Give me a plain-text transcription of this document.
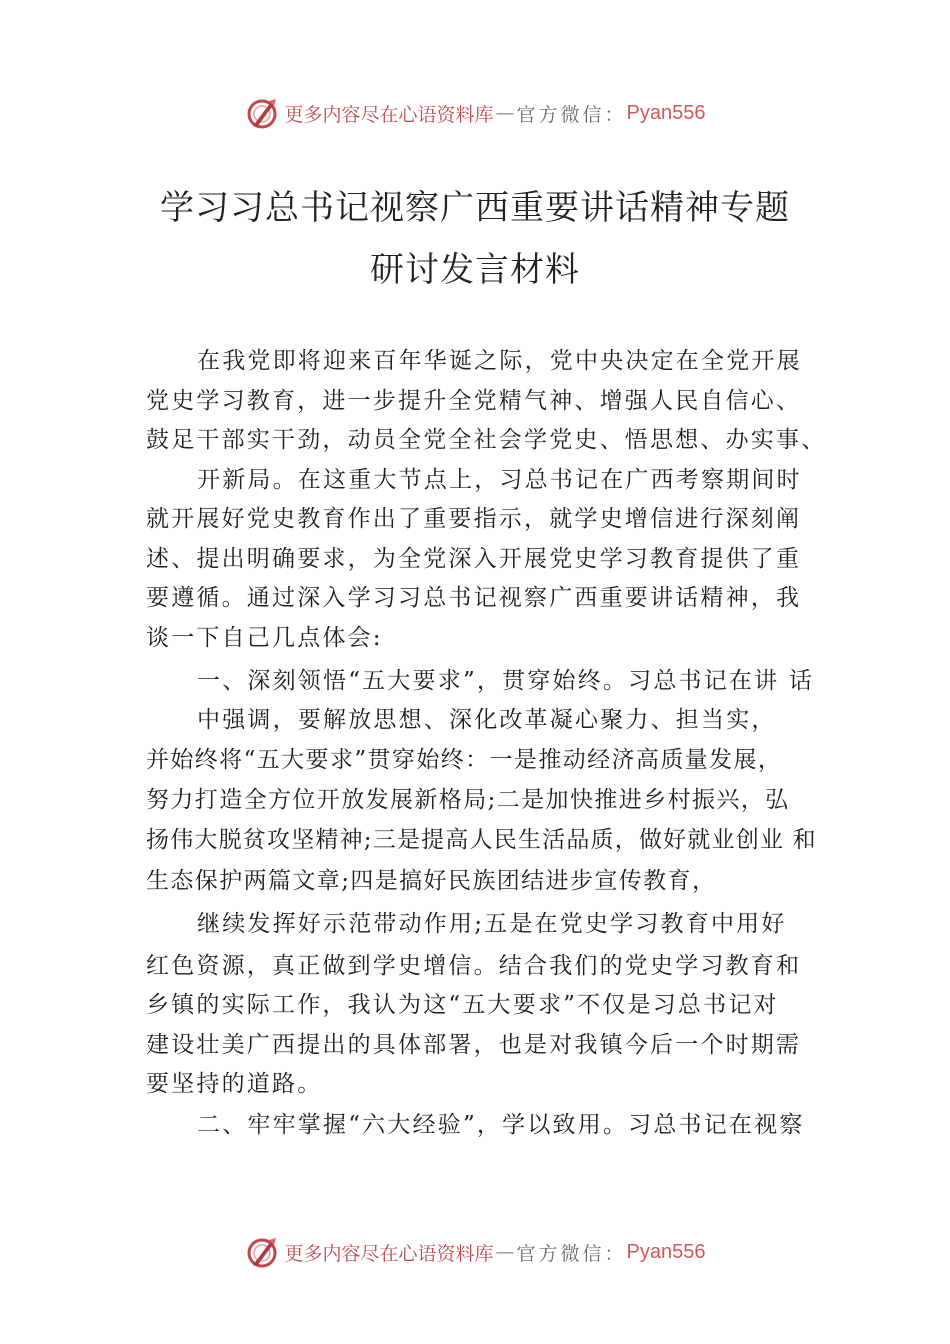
更多内容尽在心语资料库 — 官方微信： Pyan556
学习习总书记视察广西重要讲话精神专题
研讨发言材料

在我党即将迎来百年华诞之际，党中央决定在全党开展

党史学习教育，进一步提升全党精气神、增强人民自信心、

鼓足干部实干劲，动员全党全社会学党史、悟思想、办实事、

开新局。在这重大节点上，习总书记在广西考察期间时

就开展好党史教育作出了重要指示，就学史增信进行深刻阐

述、提出明确要求，为全党深入开展党史学习教育提供了重

要遵循。通过深入学习习总书记视察广西重要讲话精神，我

谈一下自己几点体会:

一、深刻领悟“五大要求”，贯穿始终。习总书记在讲 话

中强调，要解放思想、深化改革凝心聚力、担当实，

并始终将“五大要求”贯穿始终：一是推动经济高质量发展，

努力打造全方位开放发展新格局;二是加快推进乡村振兴，弘

扬伟大脱贫攻坚精神;三是提高人民生活品质，做好就业创业 和

生态保护两篇文章;四是搞好民族团结进步宣传教育，

继续发挥好示范带动作用;五是在党史学习教育中用好

红色资源，真正做到学史增信。结合我们的党史学习教育和

乡镇的实际工作，我认为这“五大要求”不仅是习总书记对

建设壮美广西提出的具体部署，也是对我镇今后一个时期需

要坚持的道路。

二、牢牢掌握“六大经验”，学以致用。习总书记在视察

更多内容尽在心语资料库 — 官方微信： Pyan556
